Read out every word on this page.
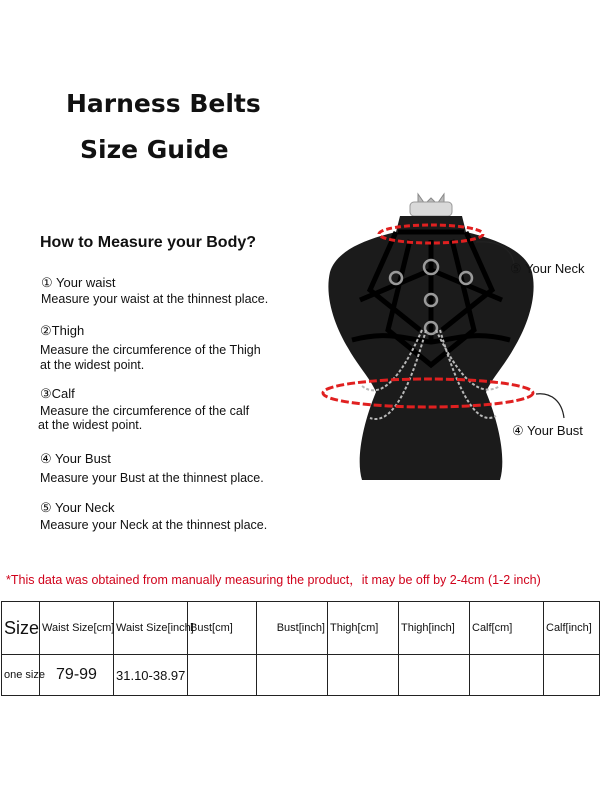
Harness Belts
Size Guide
How to Measure your Body?
① Your waist
Measure your waist at the thinnest place.
②Thigh
Measure the circumference of the Thigh
at the widest point.
③Calf
Measure the circumference of the calf
at the widest point.
④ Your Bust
Measure your Bust at the thinnest place.
⑤ Your Neck
Measure your Neck at the thinnest place.
⑤ Your Neck
④ Your Bust
*This data was obtained from manually measuring the product，it may be off by 2-4cm (1-2 inch)
Size	Waist Size[cm]	Waist Size[inch]	Bust[cm]	Bust[inch]	Thigh[cm]	Thigh[inch]	Calf[cm]	Calf[inch]
one size	79-99	31.10-38.97						
